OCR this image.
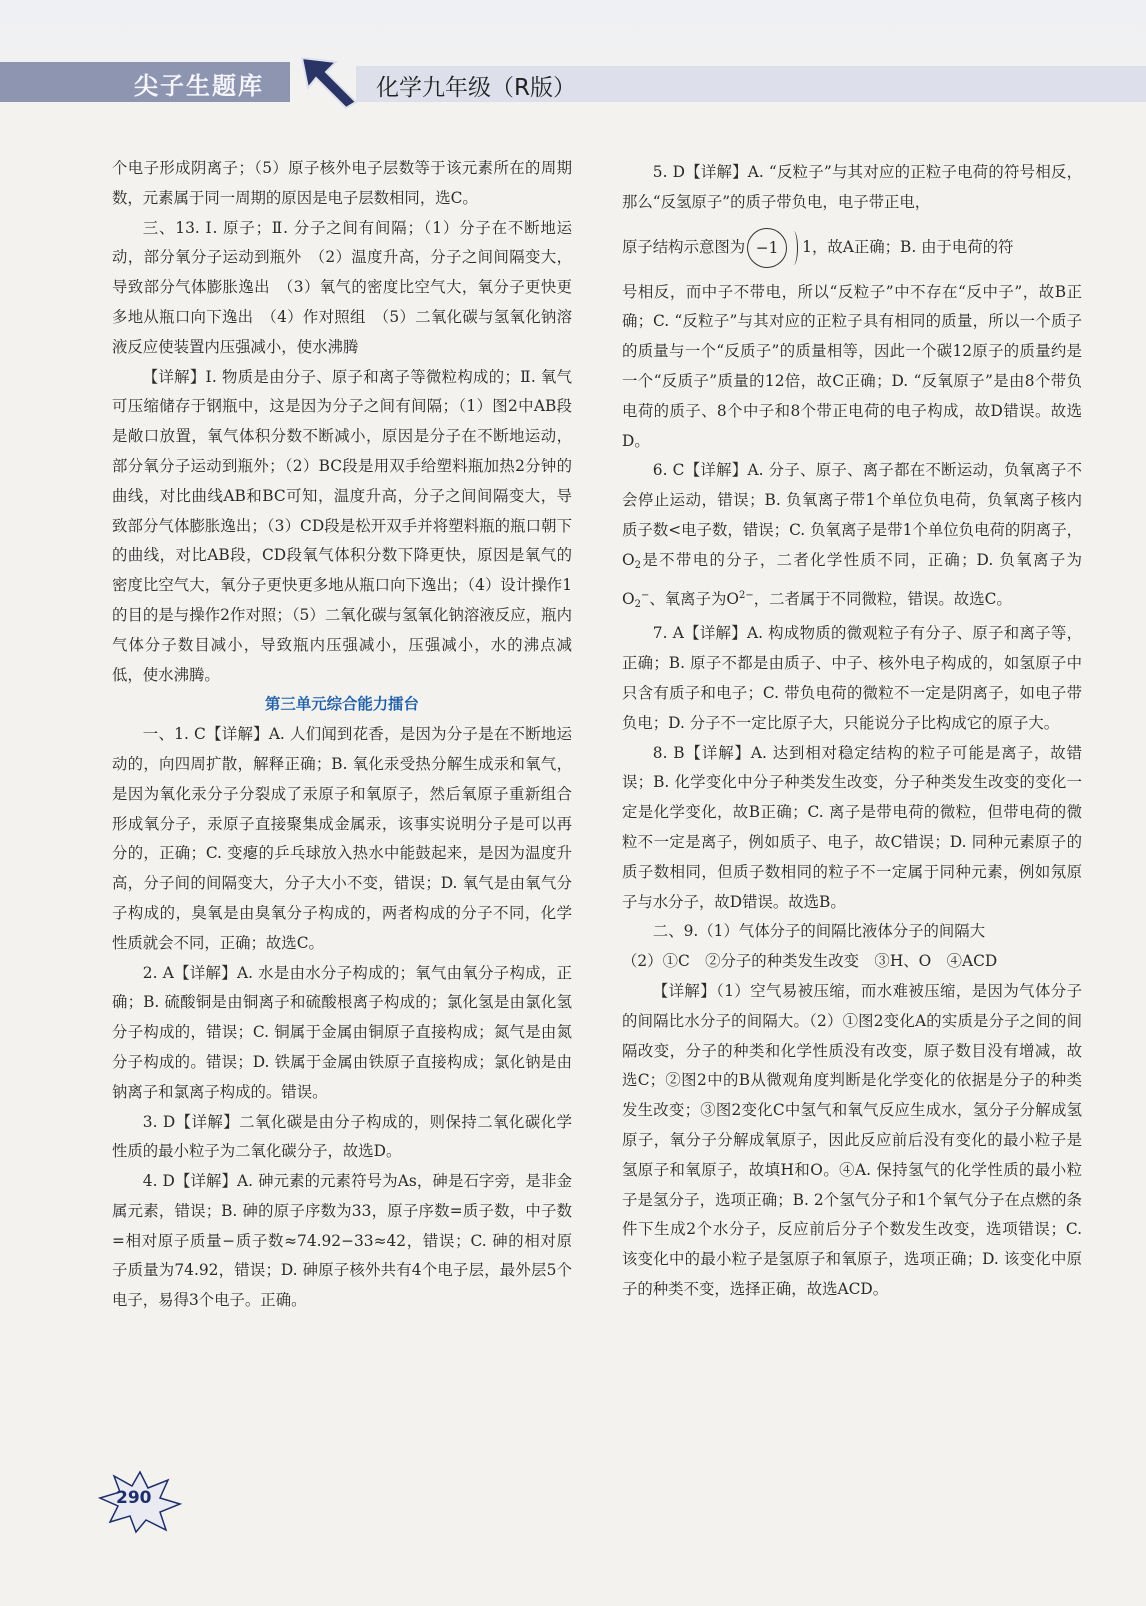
尖子生题库	化学九年级（R版）

个电子形成阴离子；（5）原子核外电子层数等于该元素所在的周期数，元素属于同一周期的原因是电子层数相同，选C。

三、13. Ⅰ. 原子；Ⅱ. 分子之间有间隔；（1）分子在不断地运动，部分氧分子运动到瓶外　（2）温度升高，分子之间间隔变大，导致部分气体膨胀逸出　（3）氧气的密度比空气大，氧分子更快更多地从瓶口向下逸出　（4）作对照组　（5）二氧化碳与氢氧化钠溶液反应使装置内压强减小，使水沸腾

【详解】Ⅰ. 物质是由分子、原子和离子等微粒构成的；Ⅱ. 氧气可压缩储存于钢瓶中，这是因为分子之间有间隔；（1）图2中AB段是敞口放置，氧气体积分数不断减小，原因是分子在不断地运动，部分氧分子运动到瓶外；（2）BC段是用双手给塑料瓶加热2分钟的曲线，对比曲线AB和BC可知，温度升高，分子之间间隔变大，导致部分气体膨胀逸出；（3）CD段是松开双手并将塑料瓶的瓶口朝下的曲线，对比AB段，CD段氧气体积分数下降更快，原因是氧气的密度比空气大，氧分子更快更多地从瓶口向下逸出；（4）设计操作1的目的是与操作2作对照；（5）二氧化碳与氢氧化钠溶液反应，瓶内气体分子数目减小，导致瓶内压强减小，压强减小，水的沸点减低，使水沸腾。

第三单元综合能力擂台

一、1. C【详解】A. 人们闻到花香，是因为分子是在不断地运动的，向四周扩散，解释正确；B. 氧化汞受热分解生成汞和氧气，是因为氧化汞分子分裂成了汞原子和氧原子，然后氧原子重新组合形成氧分子，汞原子直接聚集成金属汞，该事实说明分子是可以再分的，正确；C. 变瘪的乒乓球放入热水中能鼓起来，是因为温度升高，分子间的间隔变大，分子大小不变，错误；D. 氧气是由氧气分子构成的，臭氧是由臭氧分子构成的，两者构成的分子不同，化学性质就会不同，正确；故选C。

2. A【详解】A. 水是由水分子构成的；氧气由氧分子构成，正确；B. 硫酸铜是由铜离子和硫酸根离子构成的；氯化氢是由氯化氢分子构成的，错误；C. 铜属于金属由铜原子直接构成；氮气是由氮分子构成的。错误；D. 铁属于金属由铁原子直接构成；氯化钠是由钠离子和氯离子构成的。错误。

3. D【详解】二氧化碳是由分子构成的，则保持二氧化碳化学性质的最小粒子为二氧化碳分子，故选D。

4. D【详解】A. 砷元素的元素符号为As，砷是石字旁，是非金属元素，错误；B. 砷的原子序数为33，原子序数=质子数，中子数=相对原子质量−质子数≈74.92−33≈42，错误；C. 砷的相对原子质量为74.92，错误；D. 砷原子核外共有4个电子层，最外层5个电子，易得3个电子。正确。

5. D【详解】A. “反粒子”与其对应的正粒子电荷的符号相反，那么“反氢原子”的质子带负电，电子带正电，

原子结构示意图为 −1	1 ，故A正确；B. 由于电荷的符

号相反，而中子不带电，所以“反粒子”中不存在“反中子”，故B正确；C. “反粒子”与其对应的正粒子具有相同的质量，所以一个质子的质量与一个“反质子”的质量相等，因此一个碳12原子的质量约是一个“反质子”质量的12倍，故C正确；D. “反氧原子”是由8个带负电荷的质子、8个中子和8个带正电荷的电子构成，故D错误。故选D。

6. C【详解】A. 分子、原子、离子都在不断运动，负氧离子不会停止运动，错误；B. 负氧离子带1个单位负电荷，负氧离子核内质子数<电子数，错误；C. 负氧离子是带1个单位负电荷的阴离子，$O_2$是不带电的分子，二者化学性质不同，正确；D. 负氧离子为$O_2^-$、氧离子为$O^{2-}$，二者属于不同微粒，错误。故选C。

7. A【详解】A. 构成物质的微观粒子有分子、原子和离子等，正确；B. 原子不都是由质子、中子、核外电子构成的，如氢原子中只含有质子和电子；C. 带负电荷的微粒不一定是阴离子，如电子带负电；D. 分子不一定比原子大，只能说分子比构成它的原子大。

8. B【详解】A. 达到相对稳定结构的粒子可能是离子，故错误；B. 化学变化中分子种类发生改变，分子种类发生改变的变化一定是化学变化，故B正确；C. 离子是带电荷的微粒，但带电荷的微粒不一定是离子，例如质子、电子，故C错误；D. 同种元素原子的质子数相同，但质子数相同的粒子不一定属于同种元素，例如氖原子与水分子，故D错误。故选B。

二、9.（1）气体分子的间隔比液体分子的间隔大

（2）①C　②分子的种类发生改变　③H、O　④ACD

【详解】（1）空气易被压缩，而水难被压缩，是因为气体分子的间隔比水分子的间隔大。（2）①图2变化A的实质是分子之间的间隔改变，分子的种类和化学性质没有改变，原子数目没有增减，故选C；②图2中的B从微观角度判断是化学变化的依据是分子的种类发生改变；③图2变化C中氢气和氧气反应生成水，氢分子分解成氢原子，氧分子分解成氧原子，因此反应前后没有变化的最小粒子是氢原子和氧原子，故填H和O。④A. 保持氢气的化学性质的最小粒子是氢分子，选项正确；B. 2个氢气分子和1个氧气分子在点燃的条件下生成2个水分子，反应前后分子个数发生改变，选项错误；C. 该变化中的最小粒子是氢原子和氧原子，选项正确；D. 该变化中原子的种类不变，选择正确，故选ACD。

290
